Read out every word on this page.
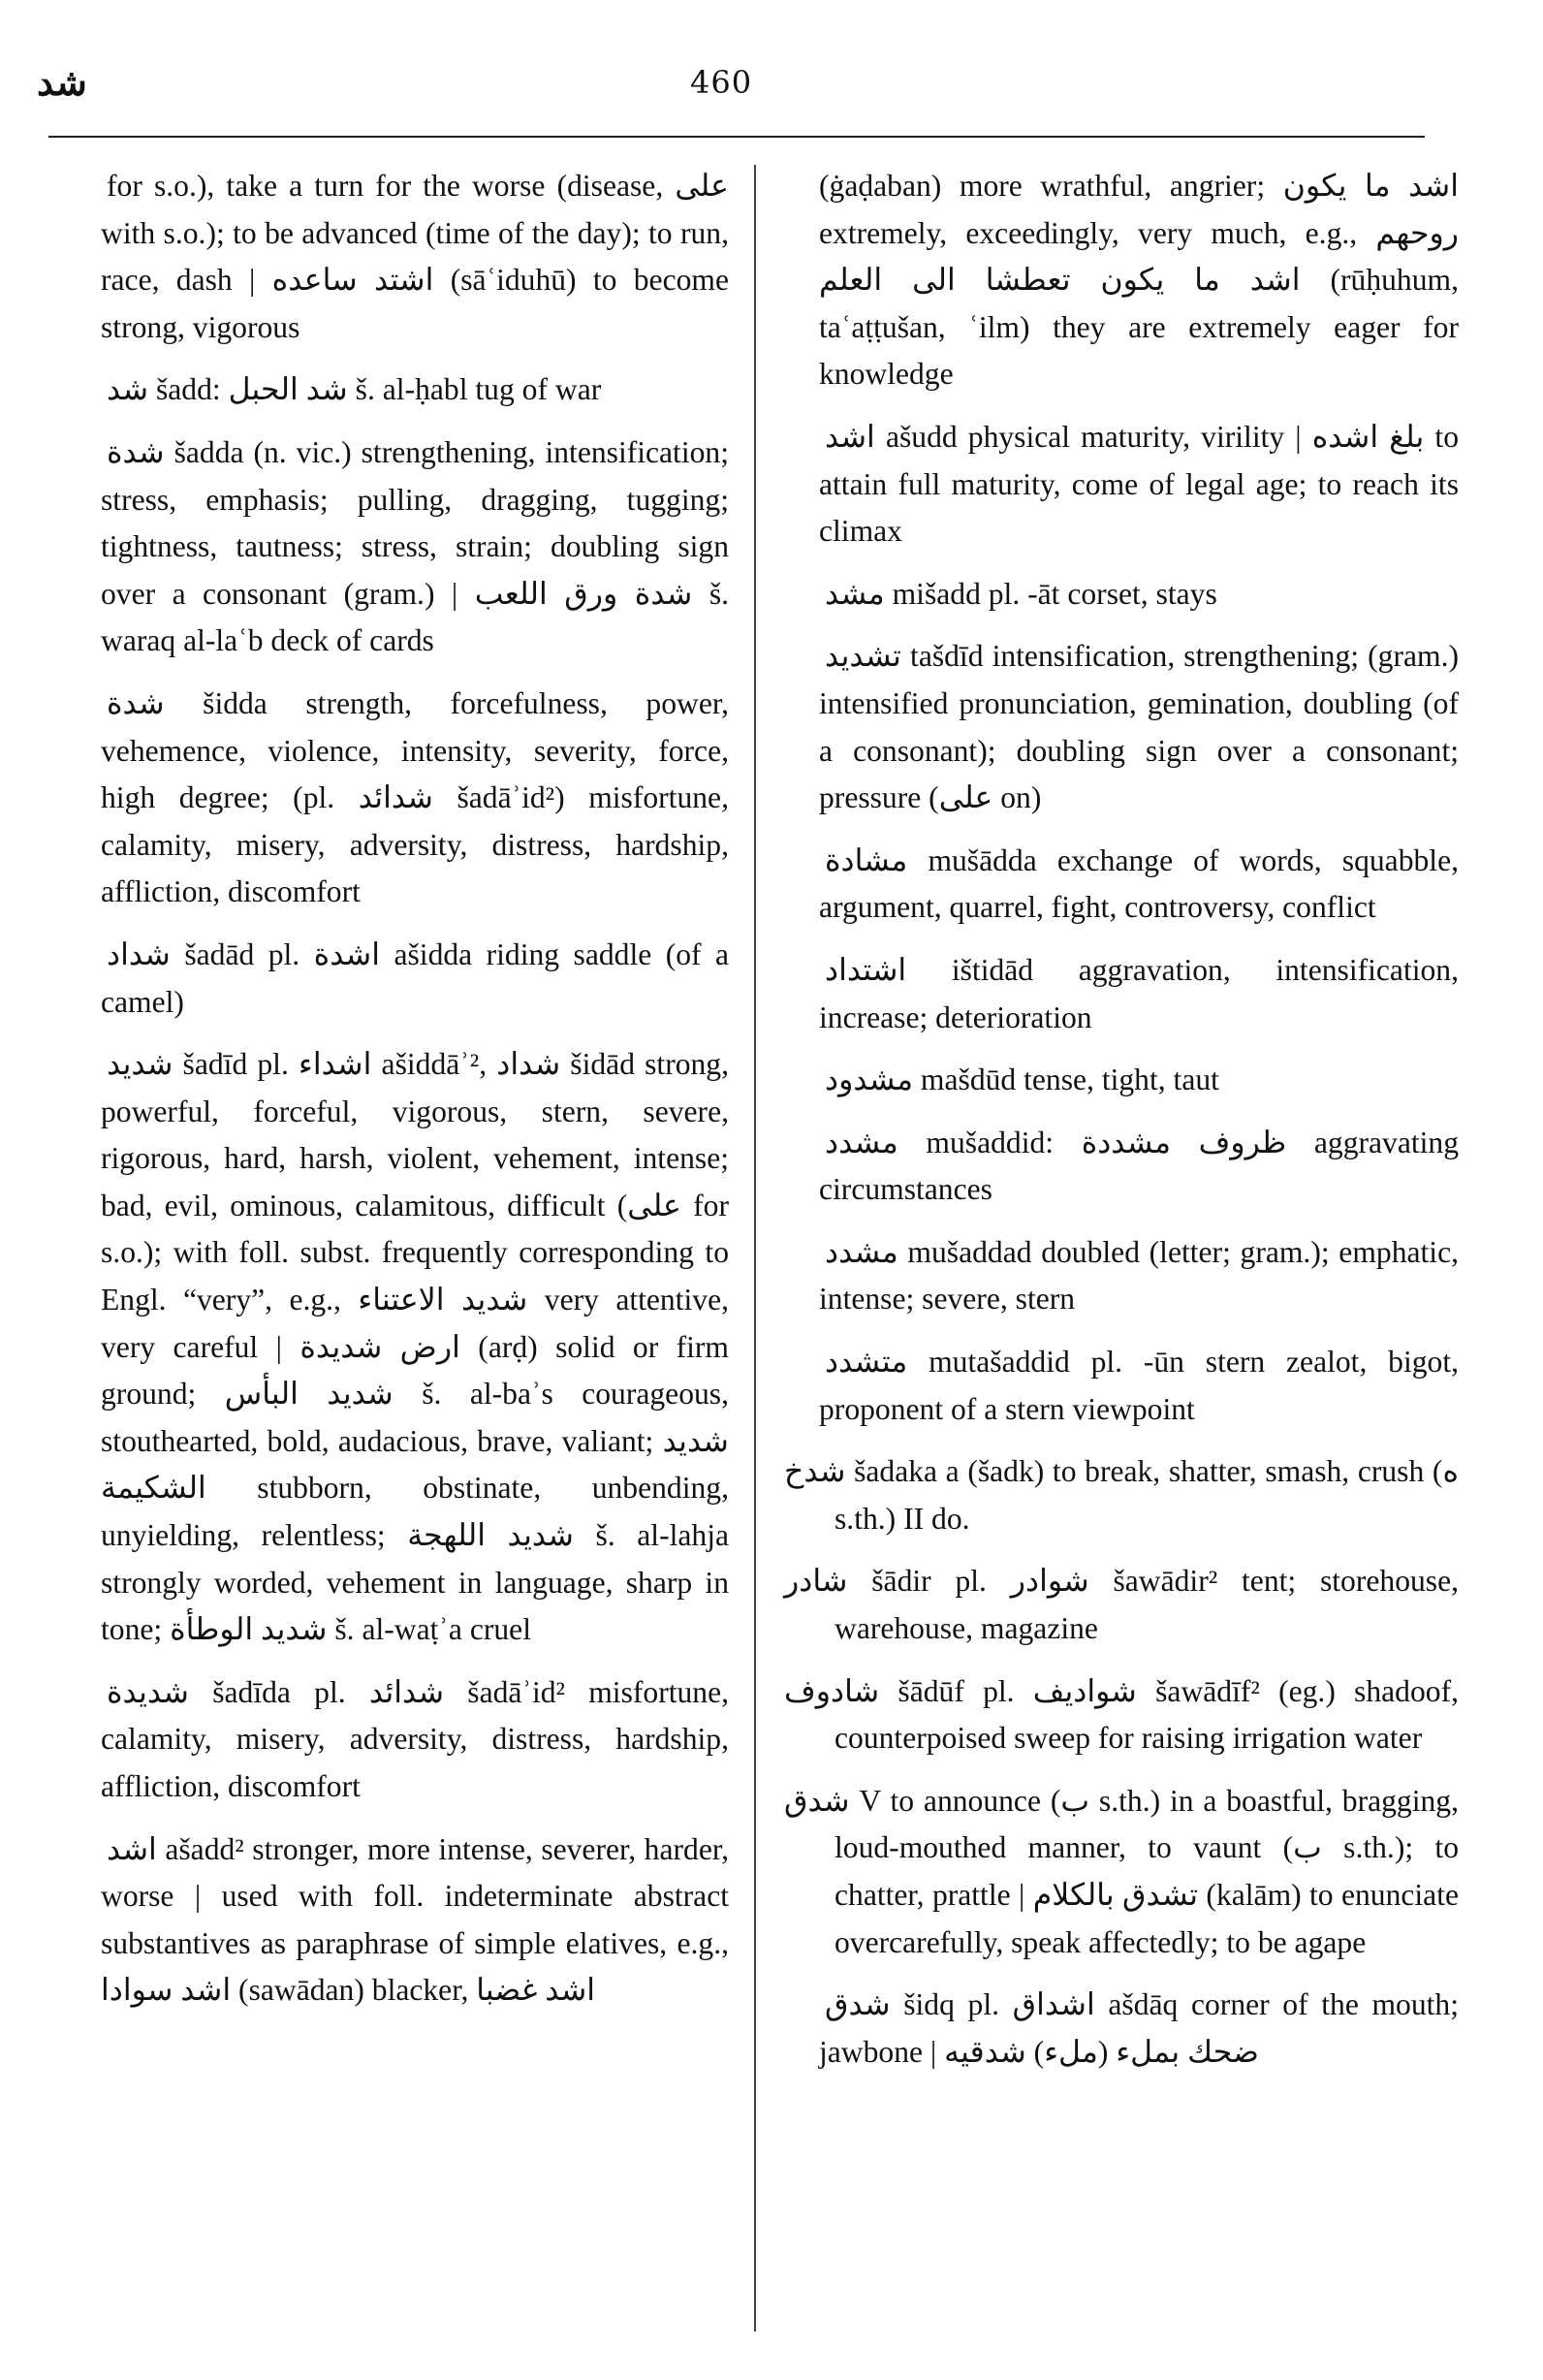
شد	460

for s.o.), take a turn for the worse (disease, على with s.o.); to be advanced (time of the day); to run, race, dash | اشتد ساعده (sāʿiduhū) to become strong, vigorous

شد šadd: شد الحبل š. al-ḥabl tug of war

شدة šadda (n. vic.) strengthening, intensification; stress, emphasis; pulling, dragging, tugging; tightness, tautness; stress, strain; doubling sign over a consonant (gram.) | شدة ورق اللعب š. waraq al-laʿb deck of cards

شدة šidda strength, forcefulness, power, vehemence, violence, intensity, severity, force, high degree; (pl. شدائد šadāʾid²) misfortune, calamity, misery, adversity, distress, hardship, affliction, discomfort

شداد šadād pl. اشدة ašidda riding saddle (of a camel)

شديد šadīd pl. اشداء ašiddāʾ², شداد šidād strong, powerful, forceful, vigorous, stern, severe, rigorous, hard, harsh, violent, vehement, intense; bad, evil, ominous, calamitous, difficult (على for s.o.); with foll. subst. frequently corresponding to Engl. “very”, e.g., شديد الاعتناء very attentive, very careful | ارض شديدة (arḍ) solid or firm ground; شديد البأس š. al-baʾs courageous, stouthearted, bold, audacious, brave, valiant; شديد الشكيمة stubborn, obstinate, unbending, unyielding, relentless; شديد اللهجة š. al-lahja strongly worded, vehement in language, sharp in tone; شديد الوطأة š. al-waṭʾa cruel

شديدة šadīda pl. شدائد šadāʾid² misfortune, calamity, misery, adversity, distress, hardship, affliction, discomfort

اشد ašadd² stronger, more intense, severer, harder, worse | used with foll. indeterminate abstract substantives as paraphrase of simple elatives, e.g., اشد سوادا (sawādan) blacker, اشد غضبا

(ġaḍaban) more wrathful, angrier; اشد ما يكون extremely, exceedingly, very much, e.g., روحهم اشد ما يكون تعطشا الى العلم (rūḥuhum, taʿaṭṭušan, ʿilm) they are extremely eager for knowledge

اشد ašudd physical maturity, virility | بلغ اشده to attain full maturity, come of legal age; to reach its climax

مشد mišadd pl. -āt corset, stays

تشديد tašdīd intensification, strengthening; (gram.) intensified pronunciation, gemination, doubling (of a consonant); doubling sign over a consonant; pressure (على on)

مشادة mušādda exchange of words, squabble, argument, quarrel, fight, controversy, conflict

اشتداد ištidād aggravation, intensification, increase; deterioration

مشدود mašdūd tense, tight, taut

مشدد mušaddid: ظروف مشددة aggravating circumstances

مشدد mušaddad doubled (letter; gram.); emphatic, intense; severe, stern

متشدد mutašaddid pl. -ūn stern zealot, bigot, proponent of a stern viewpoint

شدخ šadaka a (šadk) to break, shatter, smash, crush (ه s.th.) II do.

شادر šādir pl. شوادر šawādir² tent; storehouse, warehouse, magazine

شادوف šādūf pl. شواديف šawādīf² (eg.) shadoof, counterpoised sweep for raising irrigation water

شدق V to announce (ب s.th.) in a boastful, bragging, loud-mouthed manner, to vaunt (ب s.th.); to chatter, prattle | تشدق بالكلام (kalām) to enunciate overcarefully, speak affectedly; to be agape

شدق šidq pl. اشداق ašdāq corner of the mouth; jawbone | ضحك بملء (ملء) شدقيه
